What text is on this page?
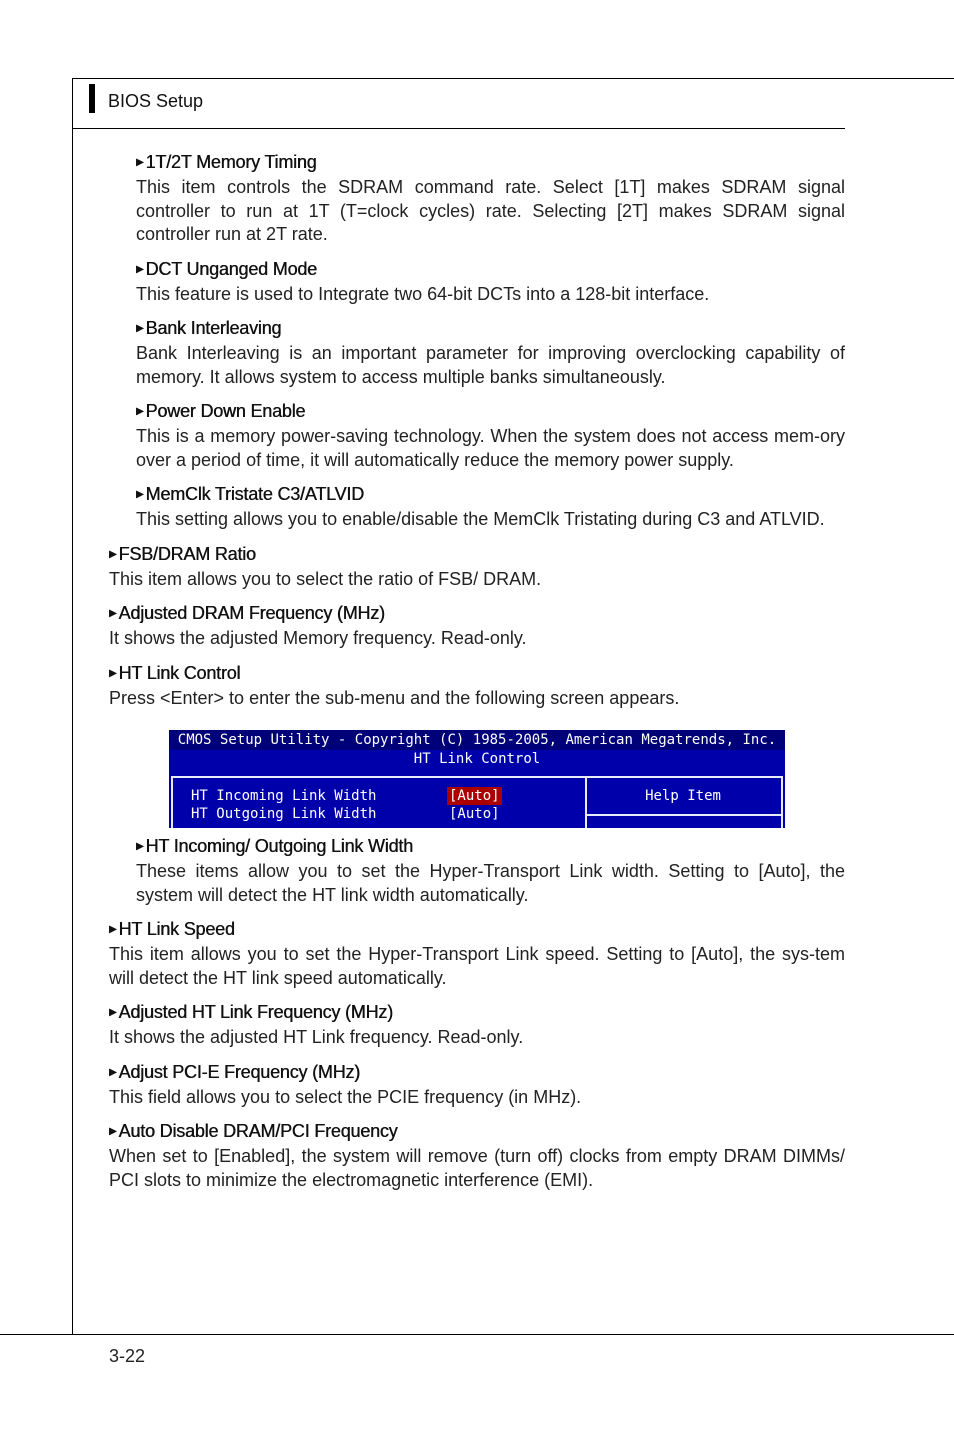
BIOS Setup
▶ 1T/2T Memory Timing
This item controls the SDRAM command rate. Select [1T] makes SDRAM signal controller to run at 1T (T=clock cycles) rate. Selecting [2T] makes SDRAM signal controller run at 2T rate.
▶ DCT Unganged Mode
This feature is used to Integrate two 64-bit DCTs into a 128-bit interface.
▶ Bank Interleaving
Bank Interleaving is an important parameter for improving overclocking capability of memory. It allows system to access multiple banks simultaneously.
▶ Power Down Enable
This is a memory power-saving technology. When the system does not access mem-ory over a period of time, it will automatically reduce the memory power supply.
▶ MemClk Tristate C3/ATLVID
This setting allows you to enable/disable the MemClk Tristating during C3 and ATLVID.
▶ FSB/DRAM Ratio
This item allows you to select the ratio of FSB/ DRAM.
▶ Adjusted DRAM Frequency (MHz)
It shows the adjusted Memory frequency. Read-only.
▶ HT Link Control
Press <Enter> to enter the sub-menu and the following screen appears.
CMOS Setup Utility - Copyright (C) 1985-2005, American Megatrends, Inc.
HT Link Control
Help Item
HT Incoming Link Width	[Auto]
HT Outgoing Link Width	[Auto]
▶ HT Incoming/ Outgoing Link Width
These items allow you to set the Hyper-Transport Link width. Setting to [Auto], the system will detect the HT link width automatically.
▶ HT Link Speed
This item allows you to set the Hyper-Transport Link speed. Setting to [Auto], the sys-tem will detect the HT link speed automatically.
▶ Adjusted HT Link Frequency (MHz)
It shows the adjusted HT Link frequency. Read-only.
▶ Adjust PCI-E Frequency (MHz)
This field allows you to select the PCIE frequency (in MHz).
▶ Auto Disable DRAM/PCI Frequency
When set to [Enabled], the system will remove (turn off) clocks from empty DRAM DIMMs/ PCI slots to minimize the electromagnetic interference (EMI).
3-22
